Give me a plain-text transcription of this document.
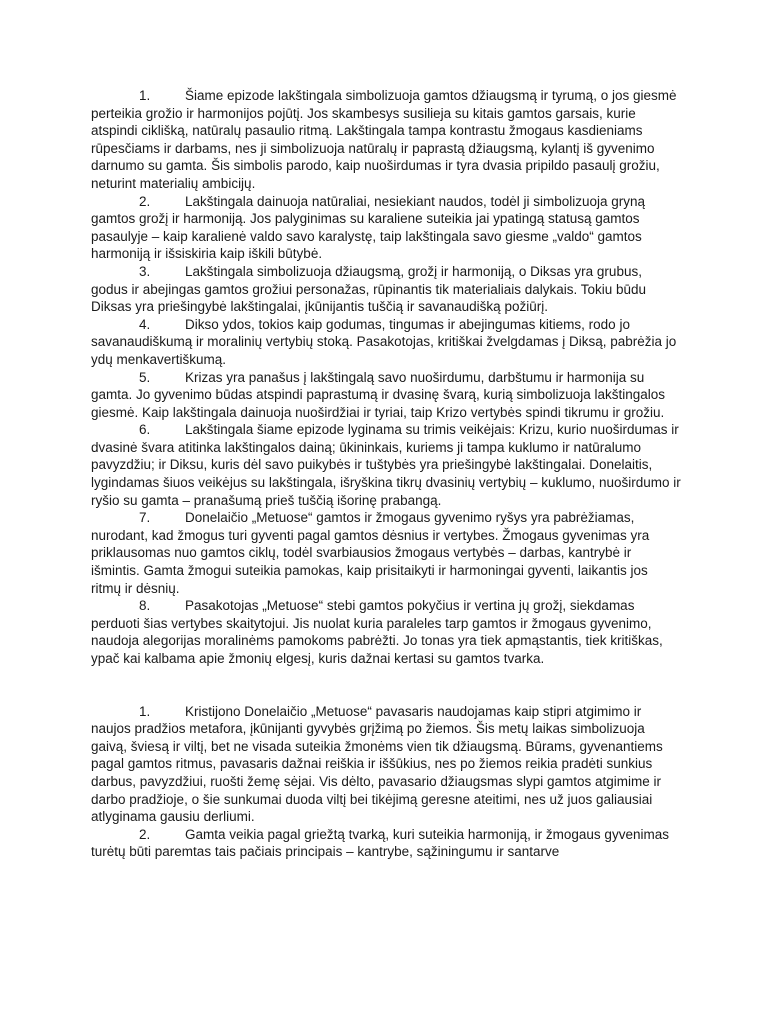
1.	Šiame epizode lakštingala simbolizuoja gamtos džiaugsmą ir tyrumą, o jos giesmė perteikia grožio ir harmonijos pojūtį. Jos skambesys susilieja su kitais gamtos garsais, kurie atspindi ciklišką, natūralų pasaulio ritmą. Lakštingala tampa kontrastu žmogaus kasdieniams rūpesčiams ir darbams, nes ji simbolizuoja natūralų ir paprastą džiaugsmą, kylantį iš gyvenimo darnumo su gamta. Šis simbolis parodo, kaip nuoširdumas ir tyra dvasia pripildo pasaulį grožiu, neturint materialių ambicijų.

2.	Lakštingala dainuoja natūraliai, nesiekiant naudos, todėl ji simbolizuoja gryną gamtos grožį ir harmoniją. Jos palyginimas su karaliene suteikia jai ypatingą statusą gamtos pasaulyje – kaip karalienė valdo savo karalystę, taip lakštingala savo giesme „valdo“ gamtos harmoniją ir išsiskiria kaip iškili būtybė.

3.	Lakštingala simbolizuoja džiaugsmą, grožį ir harmoniją, o Diksas yra grubus, godus ir abejingas gamtos grožiui personažas, rūpinantis tik materialiais dalykais. Tokiu būdu Diksas yra priešingybė lakštingalai, įkūnijantis tuščią ir savanaudišką požiūrį.

4.	Dikso ydos, tokios kaip godumas, tingumas ir abejingumas kitiems, rodo jo savanaudiškumą ir moralinių vertybių stoką. Pasakotojas, kritiškai žvelgdamas į Diksą, pabrėžia jo ydų menkavertiškumą.

5.	Krizas yra panašus į lakštingalą savo nuoširdumu, darbštumu ir harmonija su gamta. Jo gyvenimo būdas atspindi paprastumą ir dvasinę švarą, kurią simbolizuoja lakštingalos giesmė. Kaip lakštingala dainuoja nuoširdžiai ir tyriai, taip Krizo vertybės spindi tikrumu ir grožiu.

6.	Lakštingala šiame epizode lyginama su trimis veikėjais: Krizu, kurio nuoširdumas ir dvasinė švara atitinka lakštingalos dainą; ūkininkais, kuriems ji tampa kuklumo ir natūralumo pavyzdžiu; ir Diksu, kuris dėl savo puikybės ir tuštybės yra priešingybė lakštingalai. Donelaitis, lygindamas šiuos veikėjus su lakštingala, išryškina tikrų dvasinių vertybių – kuklumo, nuoširdumo ir ryšio su gamta – pranašumą prieš tuščią išorinę prabangą.

7.	Donelaičio „Metuose“ gamtos ir žmogaus gyvenimo ryšys yra pabrėžiamas, nurodant, kad žmogus turi gyventi pagal gamtos dėsnius ir vertybes. Žmogaus gyvenimas yra priklausomas nuo gamtos ciklų, todėl svarbiausios žmogaus vertybės – darbas, kantrybė ir išmintis. Gamta žmogui suteikia pamokas, kaip prisitaikyti ir harmoningai gyventi, laikantis jos ritmų ir dėsnių.

8.	Pasakotojas „Metuose“ stebi gamtos pokyčius ir vertina jų grožį, siekdamas perduoti šias vertybes skaitytojui. Jis nuolat kuria paraleles tarp gamtos ir žmogaus gyvenimo, naudoja alegorijas moralinėms pamokoms pabrėžti. Jo tonas yra tiek apmąstantis, tiek kritiškas, ypač kai kalbama apie žmonių elgesį, kuris dažnai kertasi su gamtos tvarka.

1.	Kristijono Donelaičio „Metuose“ pavasaris naudojamas kaip stipri atgimimo ir naujos pradžios metafora, įkūnijanti gyvybės grįžimą po žiemos. Šis metų laikas simbolizuoja gaivą, šviesą ir viltį, bet ne visada suteikia žmonėms vien tik džiaugsmą. Būrams, gyvenantiems pagal gamtos ritmus, pavasaris dažnai reiškia ir iššūkius, nes po žiemos reikia pradėti sunkius darbus, pavyzdžiui, ruošti žemę sėjai. Vis dėlto, pavasario džiaugsmas slypi gamtos atgimime ir darbo pradžioje, o šie sunkumai duoda viltį bei tikėjimą geresne ateitimi, nes už juos galiausiai atlyginama gausiu derliumi.

2.	Gamta veikia pagal griežtą tvarką, kuri suteikia harmoniją, ir žmogaus gyvenimas turėtų būti paremtas tais pačiais principais – kantrybe, sąžiningumu ir santarve
